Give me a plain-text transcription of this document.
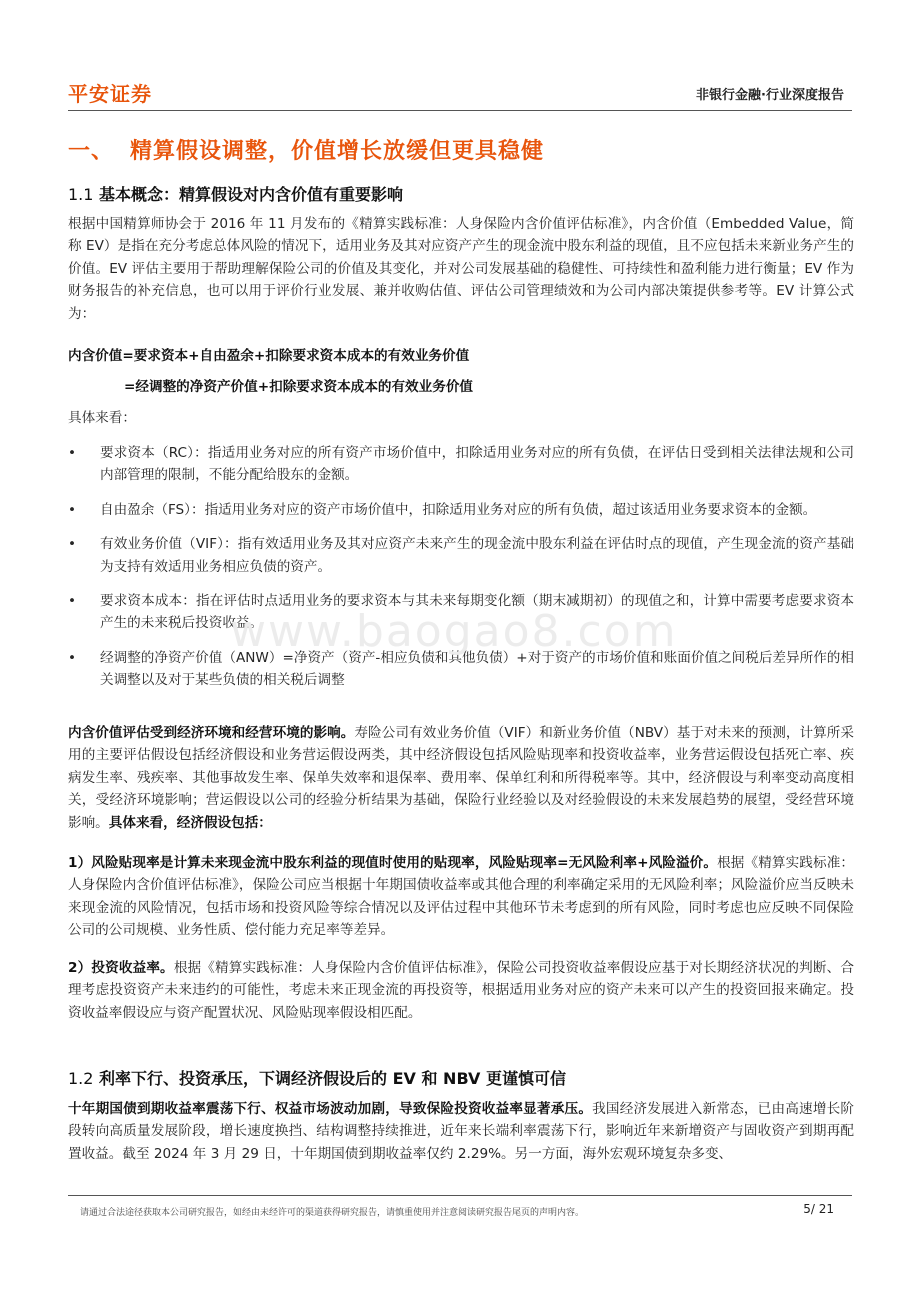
平安证券	非银行金融·行业深度报告
一、 精算假设调整，价值增长放缓但更具稳健
1.1 基本概念：精算假设对内含价值有重要影响
根据中国精算师协会于 2016 年 11 月发布的《精算实践标准：人身保险内含价值评估标准》，内含价值（Embedded Value，简称 EV）是指在充分考虑总体风险的情况下，适用业务及其对应资产产生的现金流中股东利益的现值，且不应包括未来新业务产生的价值。EV 评估主要用于帮助理解保险公司的价值及其变化，并对公司发展基础的稳健性、可持续性和盈利能力进行衡量；EV 作为财务报告的补充信息，也可以用于评价行业发展、兼并收购估值、评估公司管理绩效和为公司内部决策提供参考等。EV 计算公式为：
内含价值=要求资本+自由盈余+扣除要求资本成本的有效业务价值
=经调整的净资产价值+扣除要求资本成本的有效业务价值
具体来看：
• 要求资本（RC）：指适用业务对应的所有资产市场价值中，扣除适用业务对应的所有负债，在评估日受到相关法律法规和公司内部管理的限制，不能分配给股东的金额。
• 自由盈余（FS）：指适用业务对应的资产市场价值中，扣除适用业务对应的所有负债，超过该适用业务要求资本的金额。
• 有效业务价值（VIF）：指有效适用业务及其对应资产未来产生的现金流中股东利益在评估时点的现值，产生现金流的资产基础为支持有效适用业务相应负债的资产。
• 要求资本成本：指在评估时点适用业务的要求资本与其未来每期变化额（期末减期初）的现值之和，计算中需要考虑要求资本产生的未来税后投资收益。
• 经调整的净资产价值（ANW）=净资产（资产-相应负债和其他负债）+对于资产的市场价值和账面价值之间税后差异所作的相关调整以及对于某些负债的相关税后调整
www.baogao8.com
内含价值评估受到经济环境和经营环境的影响。寿险公司有效业务价值（VIF）和新业务价值（NBV）基于对未来的预测，计算所采用的主要评估假设包括经济假设和业务营运假设两类，其中经济假设包括风险贴现率和投资收益率，业务营运假设包括死亡率、疾病发生率、残疾率、其他事故发生率、保单失效率和退保率、费用率、保单红利和所得税率等。其中，经济假设与利率变动高度相关，受经济环境影响；营运假设以公司的经验分析结果为基础，保险行业经验以及对经验假设的未来发展趋势的展望，受经营环境影响。具体来看，经济假设包括：
1）风险贴现率是计算未来现金流中股东利益的现值时使用的贴现率，风险贴现率=无风险利率+风险溢价。根据《精算实践标准：人身保险内含价值评估标准》，保险公司应当根据十年期国债收益率或其他合理的利率确定采用的无风险利率；风险溢价应当反映未来现金流的风险情况，包括市场和投资风险等综合情况以及评估过程中其他环节未考虑到的所有风险，同时考虑也应反映不同保险公司的公司规模、业务性质、偿付能力充足率等差异。
2）投资收益率。根据《精算实践标准：人身保险内含价值评估标准》，保险公司投资收益率假设应基于对长期经济状况的判断、合理考虑投资资产未来违约的可能性，考虑未来正现金流的再投资等，根据适用业务对应的资产未来可以产生的投资回报来确定。投资收益率假设应与资产配置状况、风险贴现率假设相匹配。
1.2 利率下行、投资承压，下调经济假设后的 EV 和 NBV 更谨慎可信
十年期国债到期收益率震荡下行、权益市场波动加剧，导致保险投资收益率显著承压。我国经济发展进入新常态，已由高速增长阶段转向高质量发展阶段，增长速度换挡、结构调整持续推进，近年来长端利率震荡下行，影响近年来新增资产与固收资产到期再配置收益。截至 2024 年 3 月 29 日，十年期国债到期收益率仅约 2.29%。另一方面，海外宏观环境复杂多变、
请通过合法途径获取本公司研究报告，如经由未经许可的渠道获得研究报告，请慎重使用并注意阅读研究报告尾页的声明内容。	5/ 21
